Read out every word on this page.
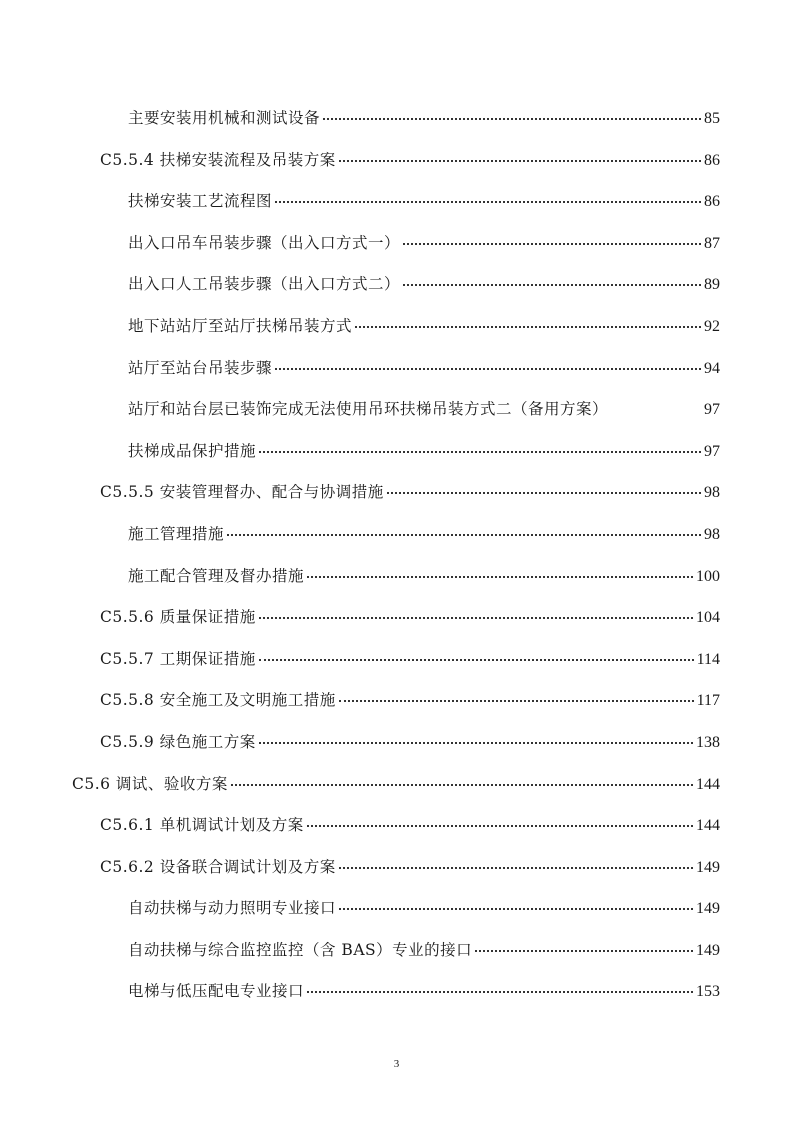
主要安装用机械和测试设备	85
C5.5.4 扶梯安装流程及吊装方案	86
扶梯安装工艺流程图	86
出入口吊车吊装步骤（出入口方式一）	87
出入口人工吊装步骤（出入口方式二）	89
地下站站厅至站厅扶梯吊装方式	92
站厅至站台吊装步骤	94
站厅和站台层已装饰完成无法使用吊环扶梯吊装方式二（备用方案）	97
扶梯成品保护措施	97
C5.5.5 安装管理督办、配合与协调措施	98
施工管理措施	98
施工配合管理及督办措施	100
C5.5.6 质量保证措施	104
C5.5.7 工期保证措施	114
C5.5.8 安全施工及文明施工措施	117
C5.5.9 绿色施工方案	138
C5.6 调试、验收方案	144
C5.6.1 单机调试计划及方案	144
C5.6.2 设备联合调试计划及方案	149
自动扶梯与动力照明专业接口	149
自动扶梯与综合监控监控（含 BAS）专业的接口	149
电梯与低压配电专业接口	153
3
